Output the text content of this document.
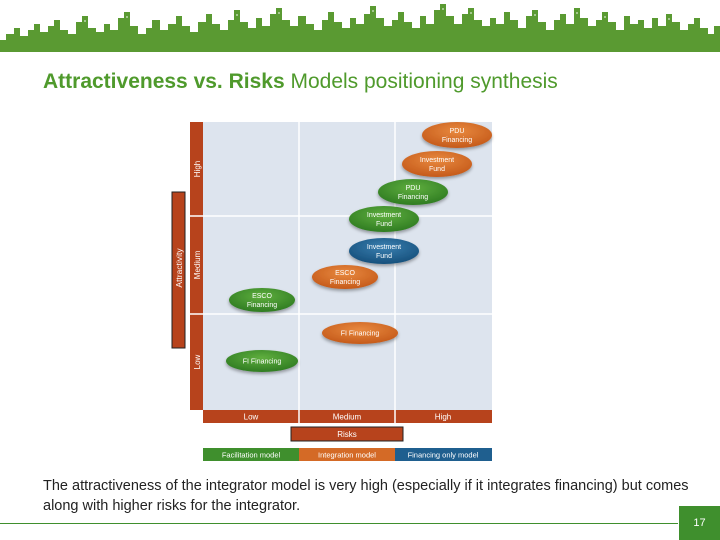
Attractiveness vs. Risks Models positioning synthesis
High
Medium
Low
Attractivity
Low	Medium	High
Risks
Facilitation model	Integration model	Financing only model
PDU
Financing
Investment
Fund
PDU
Financing
Investment
Fund
Investment
Fund
ESCO
Financing
ESCO
Financing
FI Financing
FI Financing
The attractiveness of the integrator model is very high (especially if it integrates financing) but comes along with higher risks for the integrator.
17
